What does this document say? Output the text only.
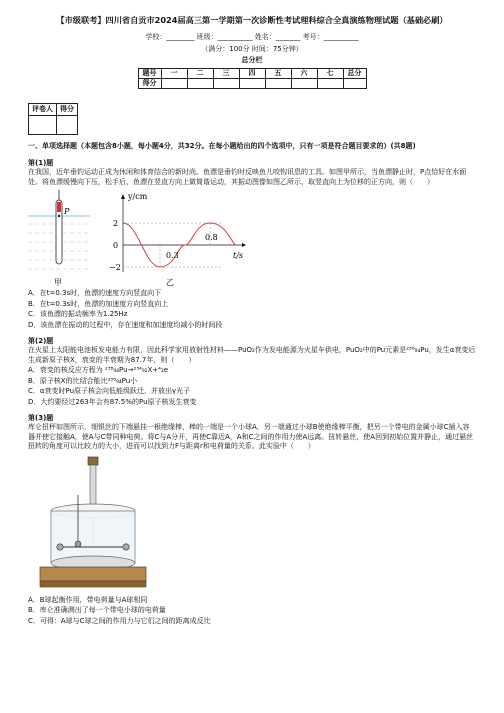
【市级联考】四川省自贡市2024届高三第一学期第一次诊断性考试理科综合全真演练物理试题（基础必刷）
学校：________ 班级：__________ 姓名：_______ 考号：__________
（满分：100分 时间：75分钟）
总分栏
题号	一	二	三	四	五	六	七	总分
得分								
评卷人	得分

一、单项选择题（本题包含8小题，每小题4分，共32分。在每小题给出的四个选项中，只有一项是符合题目要求的）(共8题)
第(1)题

在我国，近年垂钓运动正成为休闲和体育结合的新时尚。鱼漂是垂钓时反映鱼儿咬钩讯息的工具。如图甲所示，当鱼漂静止时，P点恰好在水面处。将鱼漂缓慢向下压，松手后，鱼漂在竖直方向上做简谐运动，其振动图像如图乙所示，取竖直向上为位移的正方向，则（　　）

P
甲
y/cm
t/s
2
0
−2
0.3
0.8
乙
A．在t=0.3s时，鱼漂的速度方向竖直向下
B．在t=0.3s时，鱼漂的加速度方向竖直向上
C．该鱼漂的振动频率为1.25Hz
D．该鱼漂在振动的过程中，存在速度和加速度均减小的时间段
第(2)题

在火星上太阳能电池板发电能力有限，因此科学家用放射性材料——PuO₂作为发电能源为火星车供电，PuO₂中的Pu元素是²³⁸₉₄Pu，发生α衰变后生成新原子核X，衰变的半衰期为87.7年，则（　　）

A．衰变的核反应方程为 ²³⁸₉₄Pu→²³⁴₉₂X+⁴₂e
B．原子核X的比结合能比²³⁸₉₄Pu小
C．α衰变时Pu原子核会向低能级跃迁，并放出γ光子
D．大约要经过263年会有87.5%的Pu原子核发生衰变
第(3)题

库仑扭秤如图所示，细银丝的下端悬挂一根绝缘棒，棒的一端是一个小球A，另一端通过小球B使绝缘棒平衡，把另一个带电的金属小球C插入容器并使它接触A，使A与C带同种电荷。将C与A分开，再使C靠近A，A和C之间的作用力使A远离。扭转悬丝，使A回到初始位置并静止，通过悬丝扭转的角度可以比较力的大小，进而可以找到力F与距离r和电荷量的关系。此实验中（　　）

A．B球起衡作用，带电荷量与A球相同
B．库仑准确测出了每一个带电小球的电荷量
C．可得：A球与C球之间的作用力与它们之间的距离成反比
